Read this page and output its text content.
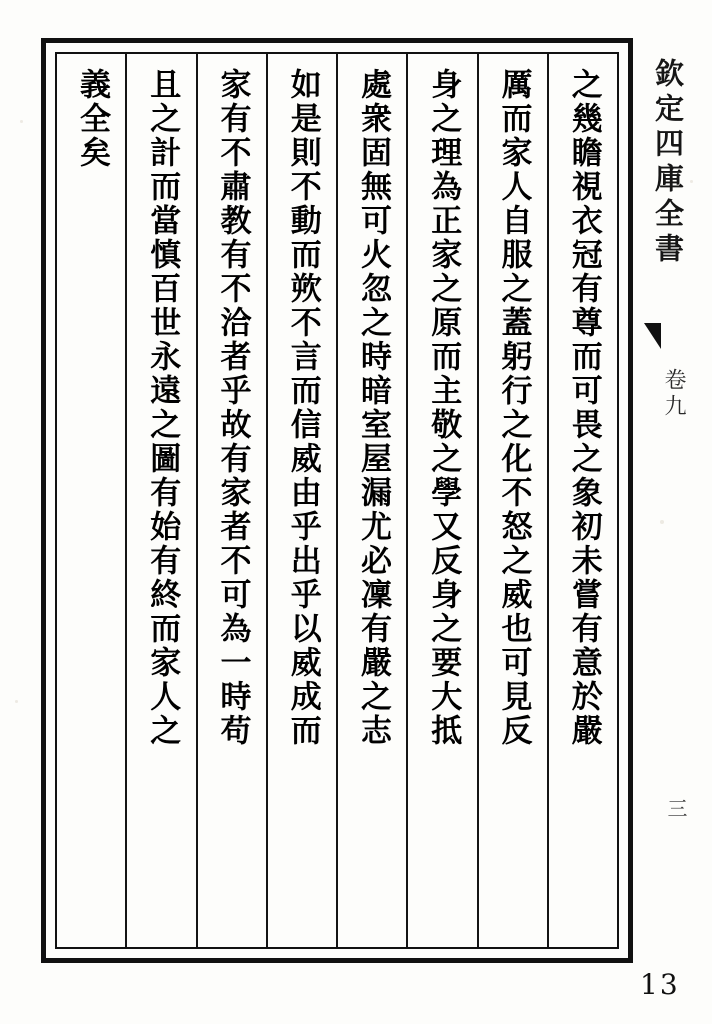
之幾瞻視衣冠有尊而可畏之象初未嘗有意於嚴
厲而家人自服之蓋躬行之化不怒之威也可見反
身之理為正家之原而主敬之學又反身之要大抵
處衆固無可火忽之時暗室屋漏尤必凜有嚴之志
如是則不動而欮不言而信威由乎出乎以威成而
家有不肅教有不洽者乎故有家者不可為一時苟
且之計而當慎百世永遠之圖有始有終而家人之
義全矣	欽定四庫全書
卷九
三
13
